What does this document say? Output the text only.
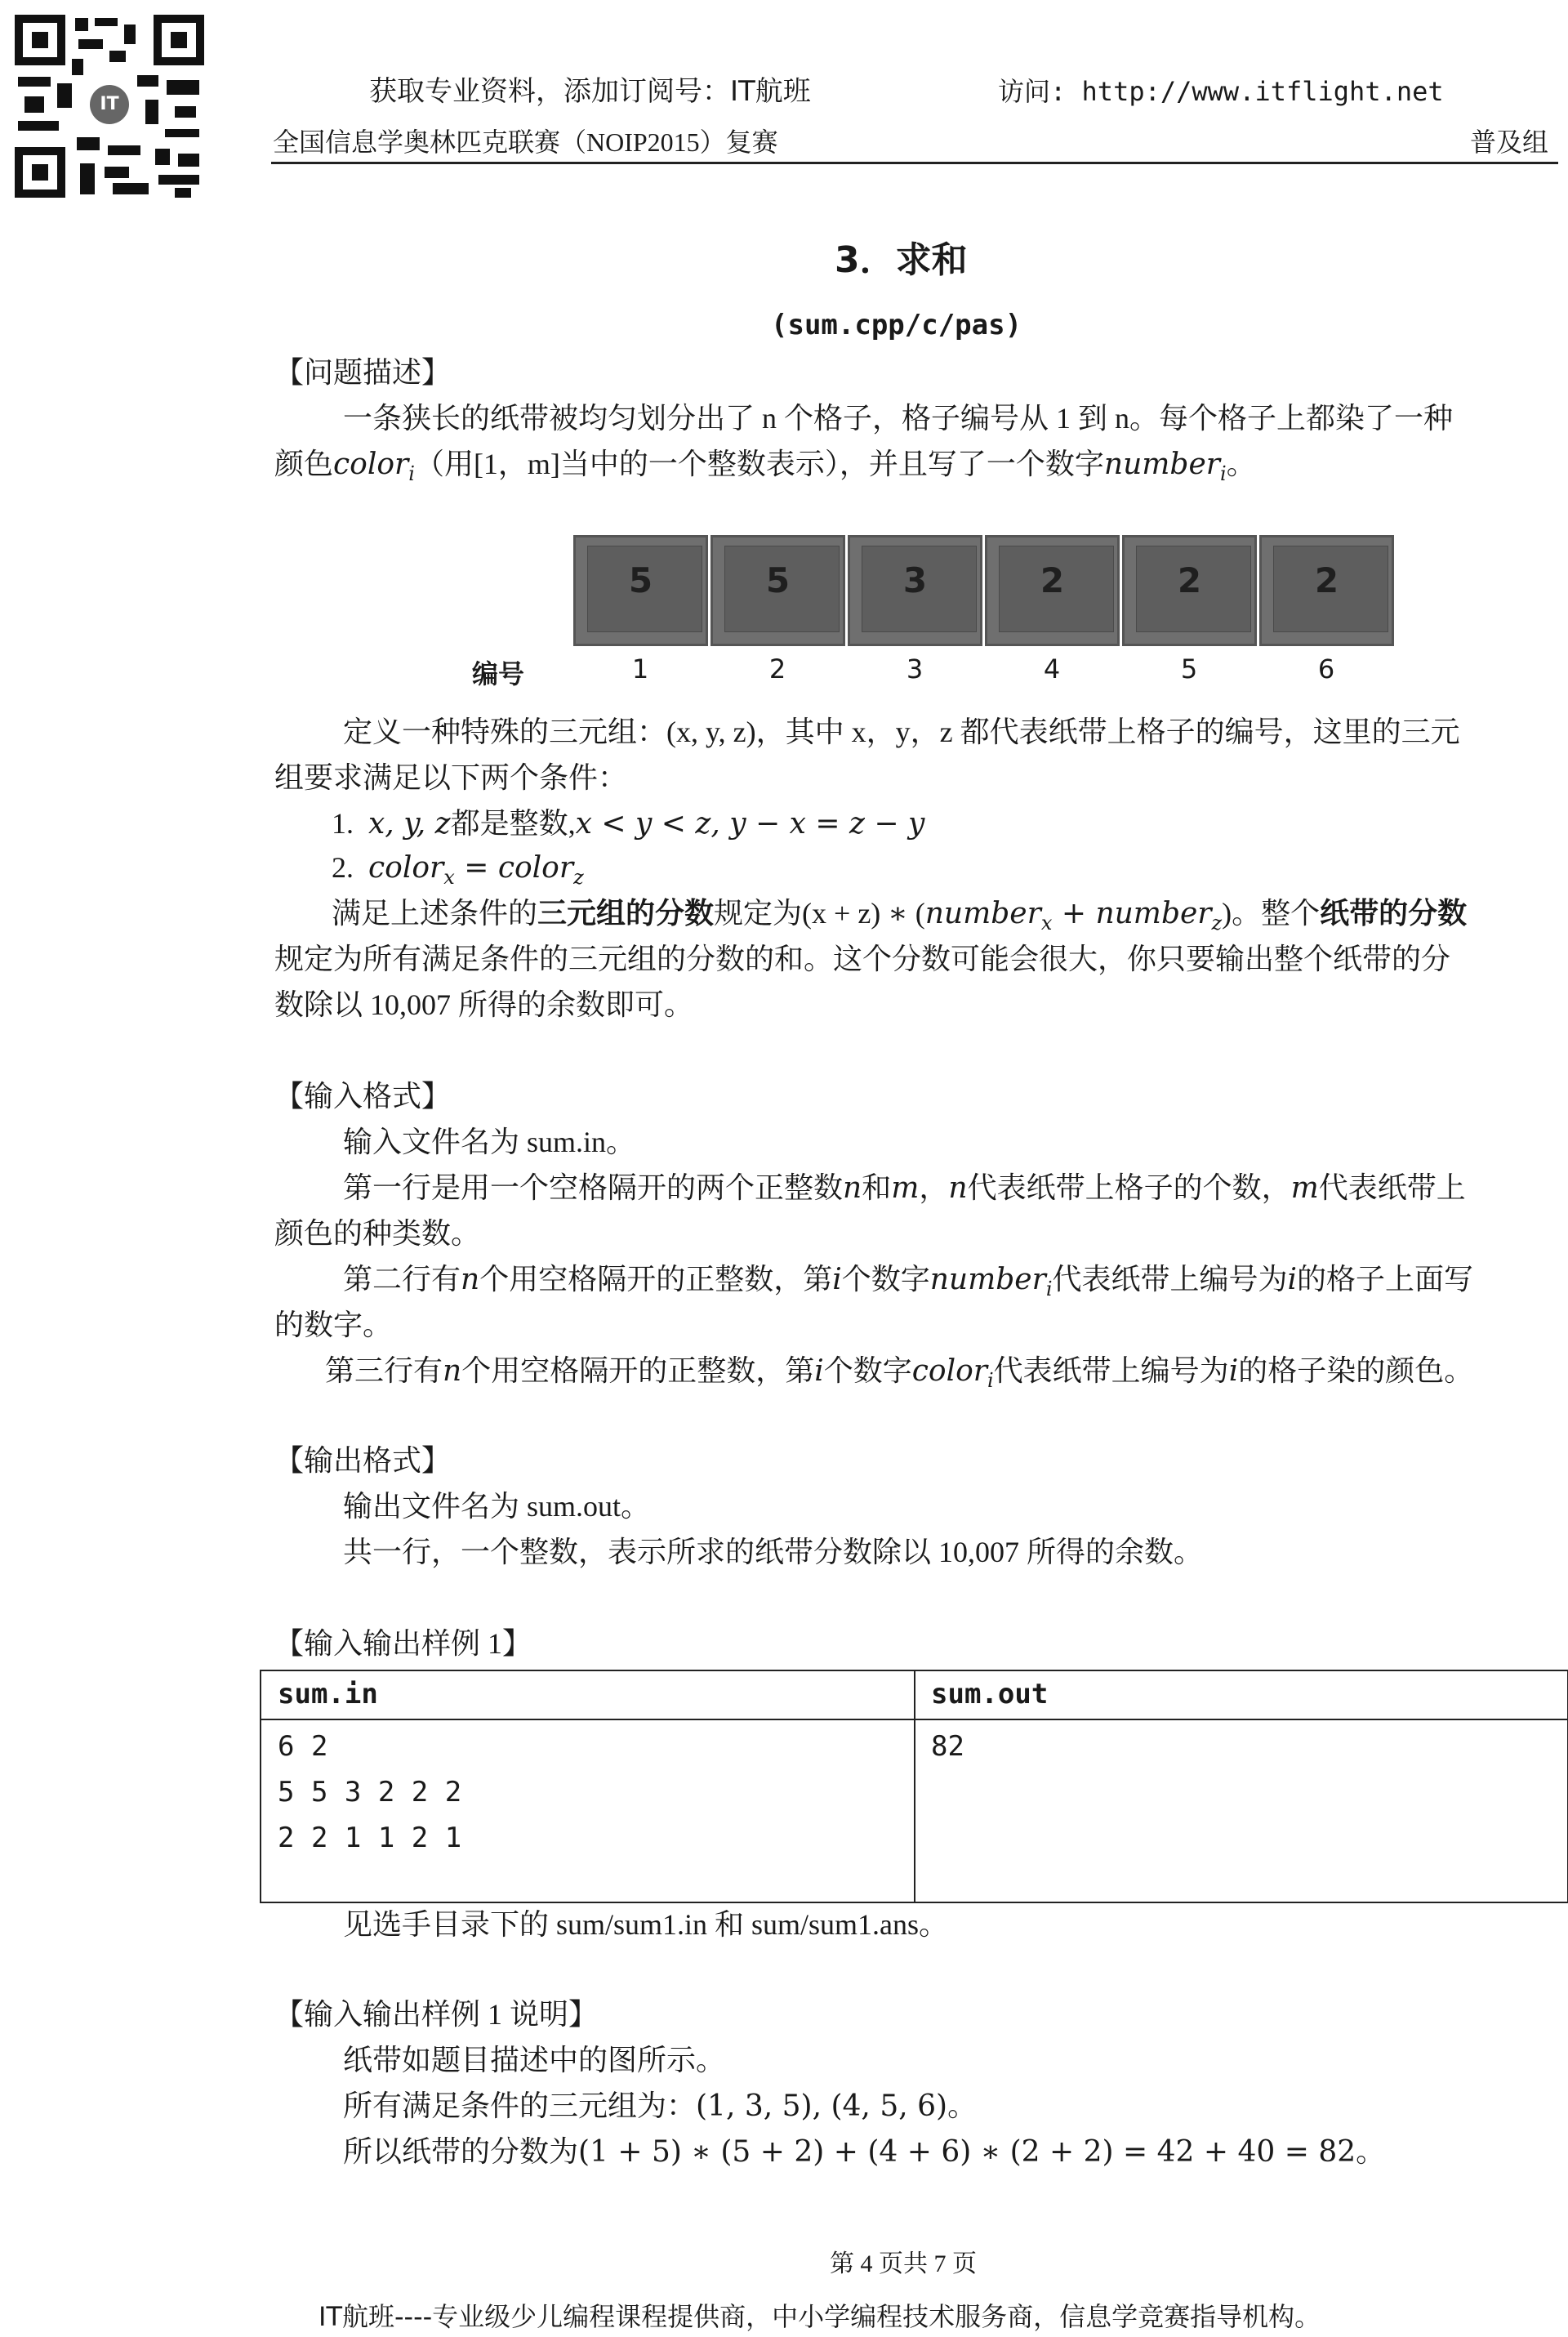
IT	获取专业资料，添加订阅号：IT航班	访问: http://www.itflight.net
全国信息学奥林匹克联赛（NOIP2015）复赛	普及组
3．求和
(sum.cpp/c/pas)
【问题描述】
一条狭长的纸带被均匀划分出了 n 个格子，格子编号从 1 到 n。每个格子上都染了一种
颜色color$_i$（用[1，m]当中的一个整数表示），并且写了一个数字number$_i$。
5	5	3	2	2	2
编号	1	2	3	4	5	6
定义一种特殊的三元组：(x, y, z)，其中 x，y，z 都代表纸带上格子的编号，这里的三元
组要求满足以下两个条件：
1. x, y, z都是整数,x < y < z, y − x = z − y
2. color$_x$ = color$_z$
满足上述条件的三元组的分数规定为(x + z) ∗ (number$_x$ + number$_z$)。整个纸带的分数
规定为所有满足条件的三元组的分数的和。这个分数可能会很大，你只要输出整个纸带的分
数除以 10,007 所得的余数即可。
【输入格式】
输入文件名为 sum.in。
第一行是用一个空格隔开的两个正整数n和m，n代表纸带上格子的个数，m代表纸带上
颜色的种类数。
第二行有n个用空格隔开的正整数，第i个数字number$_i$代表纸带上编号为i的格子上面写
的数字。
第三行有n个用空格隔开的正整数，第i个数字color$_i$代表纸带上编号为i的格子染的颜色。
【输出格式】
输出文件名为 sum.out。
共一行，一个整数，表示所求的纸带分数除以 10,007 所得的余数。
【输入输出样例 1】
sum.in	sum.out
6 2
5 5 3 2 2 2
2 2 1 1 2 1
82
见选手目录下的 sum/sum1.in 和 sum/sum1.ans。
【输入输出样例 1 说明】
纸带如题目描述中的图所示。
所有满足条件的三元组为：(1, 3, 5), (4, 5, 6)。
所以纸带的分数为(1 + 5) ∗ (5 + 2) + (4 + 6) ∗ (2 + 2) = 42 + 40 = 82。
第 4 页共 7 页
IT航班----专业级少儿编程课程提供商，中小学编程技术服务商，信息学竞赛指导机构。
